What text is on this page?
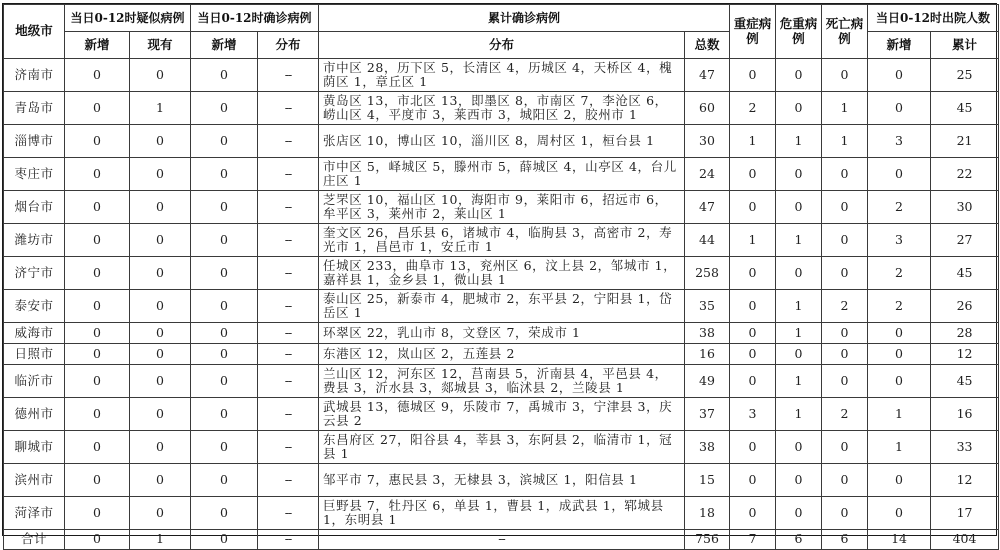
地级市	当日0-12时疑似病例		当日0-12时确诊病例		累计确诊病例		重症病例	危重病例	死亡病例	当日0-12时出院人数	
	新增	现有	新增	分布	分布	总数				新增	累计
济南市	0	0	0	--	市中区 28，历下区 5，长清区 4，历城区 4，天桥区 4，槐荫区 1，章丘区 1	47	0	0	0	0	25
青岛市	0	1	0	--	黄岛区 13，市北区 13，即墨区 8，市南区 7，李沧区 6，崂山区 4，平度市 3，莱西市 3，城阳区 2，胶州市 1	60	2	0	1	0	45
淄博市	0	0	0	--	张店区 10，博山区 10，淄川区 8，周村区 1，桓台县 1	30	1	1	1	3	21
枣庄市	0	0	0	--	市中区 5，峄城区 5，滕州市 5，薛城区 4，山亭区 4，台儿庄区 1	24	0	0	0	0	22
烟台市	0	0	0	--	芝罘区 10，福山区 10，海阳市 9，莱阳市 6，招远市 6，牟平区 3，莱州市 2，莱山区 1	47	0	0	0	2	30
潍坊市	0	0	0	--	奎文区 26，昌乐县 6，诸城市 4，临朐县 3，高密市 2，寿光市 1，昌邑市 1，安丘市 1	44	1	1	0	3	27
济宁市	0	0	0	--	任城区 233，曲阜市 13，兖州区 6，汶上县 2，邹城市 1，嘉祥县 1，金乡县 1，微山县 1	258	0	0	0	2	45
泰安市	0	0	0	--	泰山区 25，新泰市 4，肥城市 2，东平县 2，宁阳县 1，岱岳区 1	35	0	1	2	2	26
威海市	0	0	0	--	环翠区 22，乳山市 8，文登区 7，荣成市 1	38	0	1	0	0	28
日照市	0	0	0	--	东港区 12，岚山区 2，五莲县 2	16	0	0	0	0	12
临沂市	0	0	0	--	兰山区 12，河东区 12，莒南县 5，沂南县 4，平邑县 4，费县 3，沂水县 3，郯城县 3，临沭县 2，兰陵县 1	49	0	1	0	0	45
德州市	0	0	0	--	武城县 13，德城区 9，乐陵市 7，禹城市 3，宁津县 3，庆云县 2	37	3	1	2	1	16
聊城市	0	0	0	--	东昌府区 27，阳谷县 4，莘县 3，东阿县 2，临清市 1，冠县 1	38	0	0	0	1	33
滨州市	0	0	0	--	邹平市 7，惠民县 3，无棣县 3，滨城区 1，阳信县 1	15	0	0	0	0	12
菏泽市	0	0	0	--	巨野县 7，牡丹区 6，单县 1，曹县 1，成武县 1，郓城县 1，东明县 1	18	0	0	0	0	17
合计	0	1	0	--	--	756	7	6	6	14	404
